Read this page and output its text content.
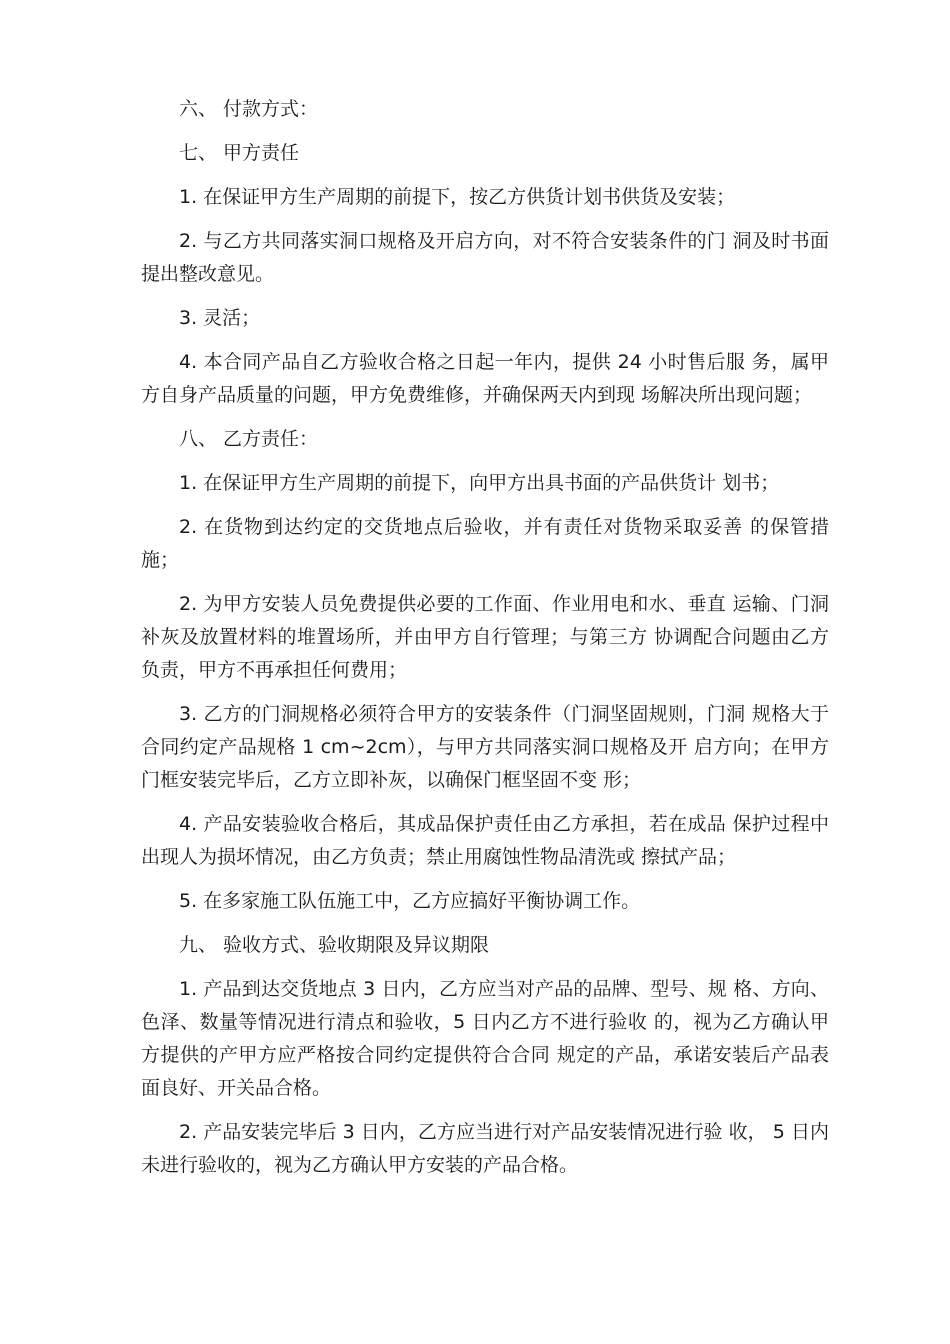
六、 付款方式：

七、 甲方责任

1. 在保证甲方生产周期的前提下，按乙方供货计划书供货及安装；

2. 与乙方共同落实洞口规格及开启方向，对不符合安装条件的门 洞及时书面提出整改意见。

3. 灵活；

4. 本合同产品自乙方验收合格之日起一年内，提供 24 小时售后服 务，属甲方自身产品质量的问题，甲方免费维修，并确保两天内到现 场解决所出现问题；

八、 乙方责任：

1. 在保证甲方生产周期的前提下，向甲方出具书面的产品供货计 划书；

2. 在货物到达约定的交货地点后验收，并有责任对货物采取妥善 的保管措施；

2. 为甲方安装人员免费提供必要的工作面、作业用电和水、垂直 运输、门洞补灰及放置材料的堆置场所，并由甲方自行管理；与第三方 协调配合问题由乙方负责，甲方不再承担任何费用；

3. 乙方的门洞规格必须符合甲方的安装条件（门洞坚固规则，门洞 规格大于合同约定产品规格 1 cm~2cm），与甲方共同落实洞口规格及开 启方向；在甲方门框安装完毕后，乙方立即补灰，以确保门框坚固不变 形；

4. 产品安装验收合格后，其成品保护责任由乙方承担，若在成品 保护过程中出现人为损坏情况，由乙方负责；禁止用腐蚀性物品清洗或 擦拭产品；

5. 在多家施工队伍施工中，乙方应搞好平衡协调工作。

九、 验收方式、验收期限及异议期限

1. 产品到达交货地点 3 日内，乙方应当对产品的品牌、型号、规 格、方向、色泽、数量等情况进行清点和验收，5 日内乙方不进行验收 的，视为乙方确认甲方提供的产甲方应严格按合同约定提供符合合同 规定的产品，承诺安装后产品表面良好、开关品合格。

2. 产品安装完毕后 3 日内，乙方应当进行对产品安装情况进行验 收， 5 日内未进行验收的，视为乙方确认甲方安装的产品合格。
